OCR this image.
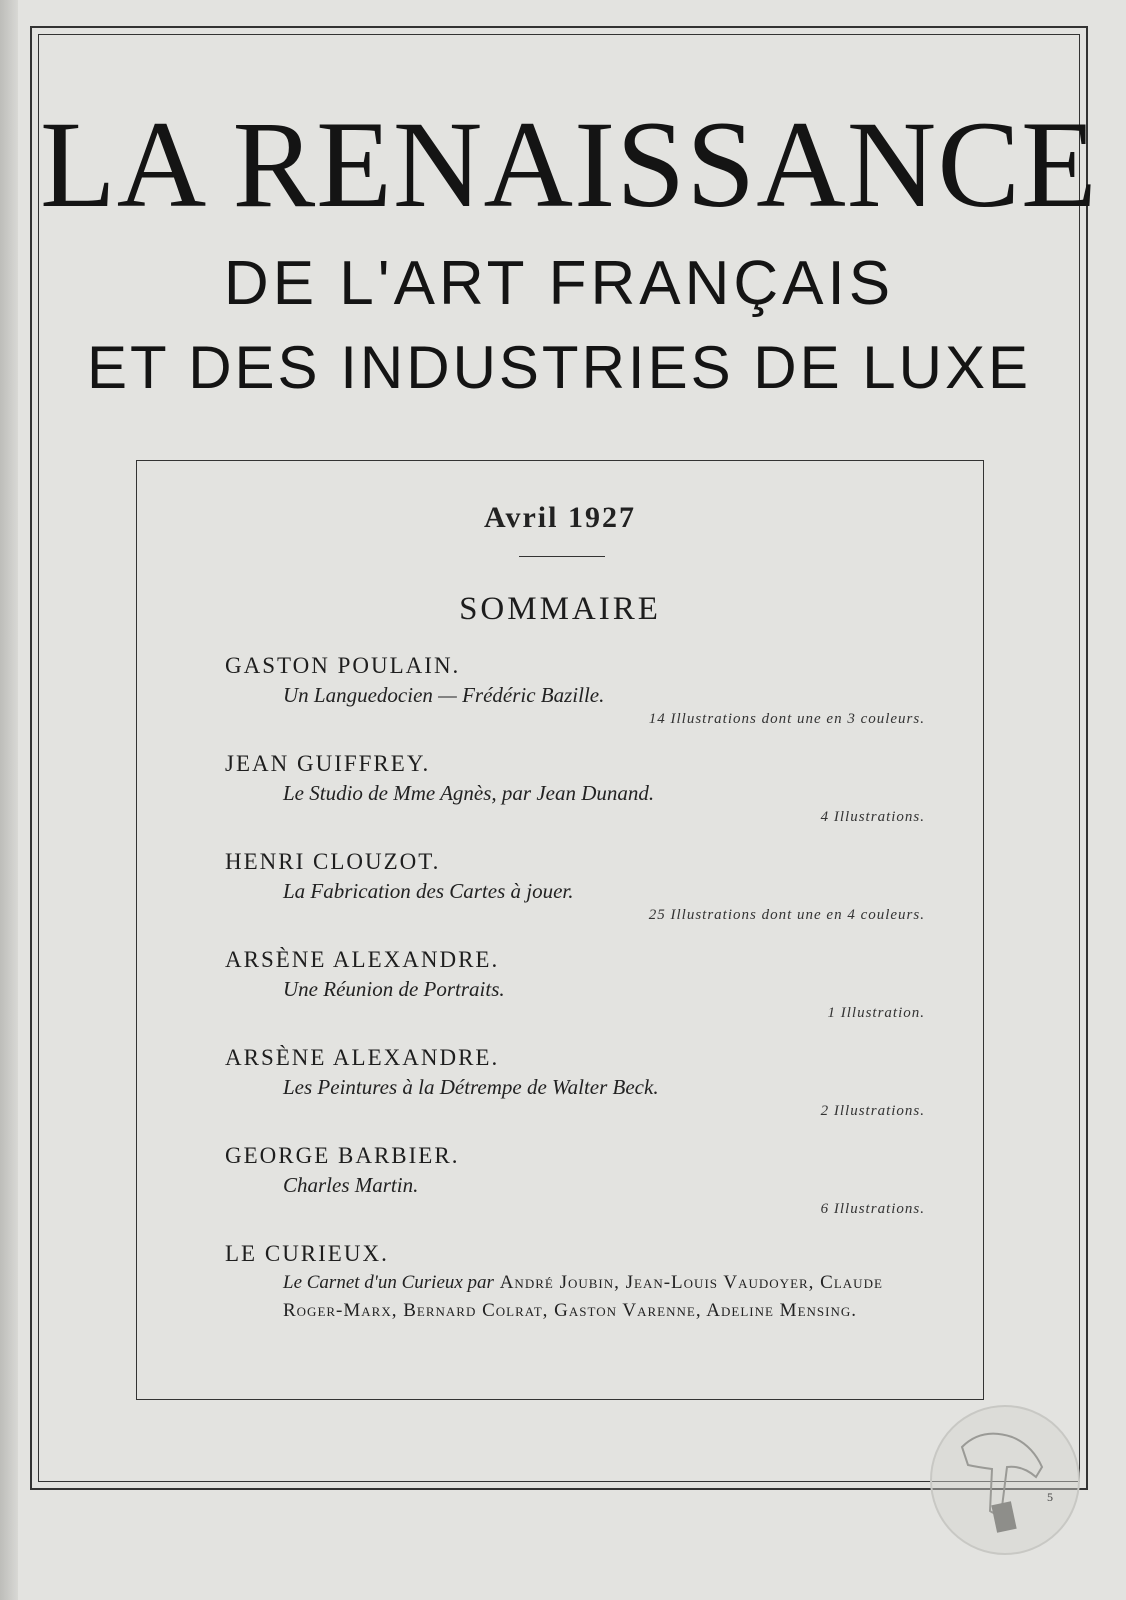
LA RENAISSANCE
DE L'ART FRANÇAIS
ET DES INDUSTRIES DE LUXE
Avril 1927
SOMMAIRE
GASTON POULAIN.
Un Languedocien — Frédéric Bazille.
14 Illustrations dont une en 3 couleurs.
JEAN GUIFFREY.
Le Studio de Mme Agnès, par Jean Dunand.
4 Illustrations.
HENRI CLOUZOT.
La Fabrication des Cartes à jouer.
25 Illustrations dont une en 4 couleurs.
ARSÈNE ALEXANDRE.
Une Réunion de Portraits.
1 Illustration.
ARSÈNE ALEXANDRE.
Les Peintures à la Détrempe de Walter Beck.
2 Illustrations.
GEORGE BARBIER.
Charles Martin.
6 Illustrations.
LE CURIEUX.
Le Carnet d'un Curieux par André Joubin, Jean-Louis Vaudoyer, Claude Roger-Marx, Bernard Colrat, Gaston Varenne, Adeline Mensing.
5
